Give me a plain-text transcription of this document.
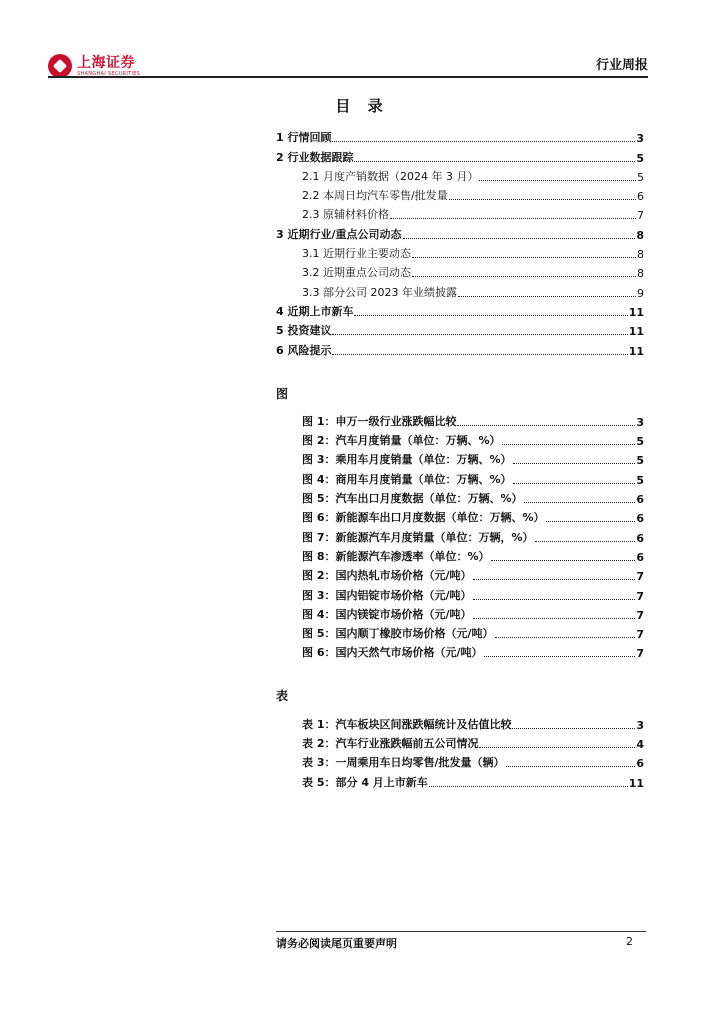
上海证券
SHANGHAI SECURITIES
行业周报
目 录
1 行情回顾	3
2 行业数据跟踪	5
2.1 月度产销数据（2024 年 3 月）	5
2.2 本周日均汽车零售/批发量	6
2.3 原辅材料价格	7
3 近期行业/重点公司动态	8
3.1 近期行业主要动态	8
3.2 近期重点公司动态	8
3.3 部分公司 2023 年业绩披露	9
4 近期上市新车	11
5 投资建议	11
6 风险提示	11
图
图 1：申万一级行业涨跌幅比较	3
图 2：汽车月度销量（单位：万辆、%）	5
图 3：乘用车月度销量（单位：万辆、%）	5
图 4：商用车月度销量（单位：万辆、%）	5
图 5：汽车出口月度数据（单位：万辆、%）	6
图 6：新能源车出口月度数据（单位：万辆、%）	6
图 7：新能源汽车月度销量（单位：万辆，%）	6
图 8：新能源汽车渗透率（单位：%）	6
图 2：国内热轧市场价格（元/吨）	7
图 3：国内铝锭市场价格（元/吨）	7
图 4：国内镁锭市场价格（元/吨）	7
图 5：国内顺丁橡胶市场价格（元/吨）	7
图 6：国内天然气市场价格（元/吨）	7
表
表 1：汽车板块区间涨跌幅统计及估值比较	3
表 2：汽车行业涨跌幅前五公司情况	4
表 3：一周乘用车日均零售/批发量（辆）	6
表 5：部分 4 月上市新车	11
请务必阅读尾页重要声明	2
